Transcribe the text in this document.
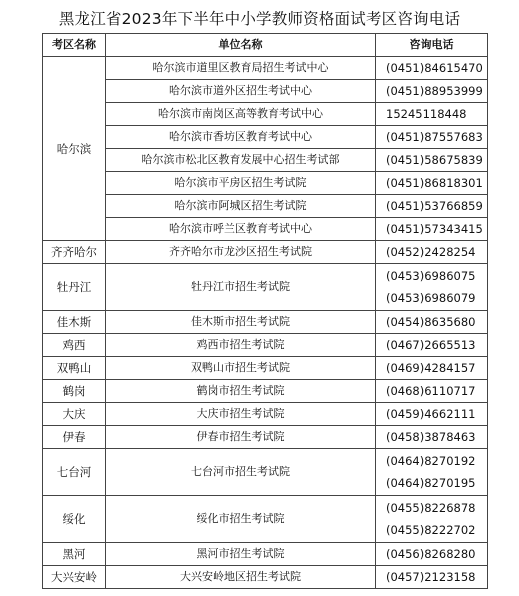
黑龙江省2023年下半年中小学教师资格面试考区咨询电话
考区名称	单位名称	咨询电话
哈尔滨	哈尔滨市道里区教育局招生考试中心	(0451)84615470
	哈尔滨市道外区招生考试中心	(0451)88953999
	哈尔滨市南岗区高等教育考试中心	15245118448
	哈尔滨市香坊区教育考试中心	(0451)87557683
	哈尔滨市松北区教育发展中心招生考试部	(0451)58675839
	哈尔滨市平房区招生考试院	(0451)86818301
	哈尔滨市阿城区招生考试院	(0451)53766859
	哈尔滨市呼兰区教育考试中心	(0451)57343415
齐齐哈尔	齐齐哈尔市龙沙区招生考试院	(0452)2428254
牡丹江	牡丹江市招生考试院	(0453)6986075
(0453)6986079

佳木斯	佳木斯市招生考试院	(0454)8635680
鸡西	鸡西市招生考试院	(0467)2665513
双鸭山	双鸭山市招生考试院	(0469)4284157
鹤岗	鹤岗市招生考试院	(0468)6110717
大庆	大庆市招生考试院	(0459)4662111
伊春	伊春市招生考试院	(0458)3878463
七台河	七台河市招生考试院	(0464)8270192
(0464)8270195

绥化	绥化市招生考试院	(0455)8226878
(0455)8222702

黑河	黑河市招生考试院	(0456)8268280
大兴安岭	大兴安岭地区招生考试院	(0457)2123158
